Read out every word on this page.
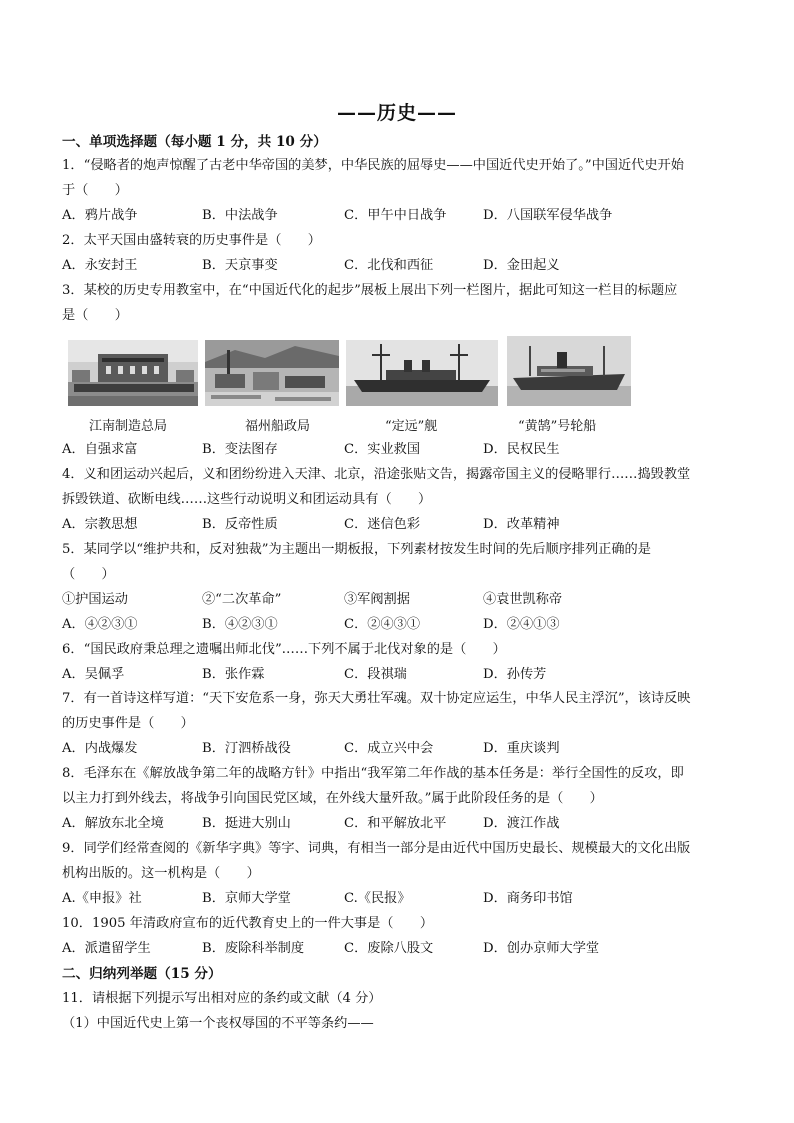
——历史——
一、单项选择题（每小题 1 分，共 10 分）
1．“侵略者的炮声惊醒了古老中华帝国的美梦，中华民族的屈辱史——中国近代史开始了。”中国近代史开始
于（　　）
A．鸦片战争	B．中法战争	C．甲午中日战争	D．八国联军侵华战争
2．太平天国由盛转衰的历史事件是（　　）
A．永安封王	B．天京事变	C．北伐和西征	D．金田起义
3．某校的历史专用教室中，在“中国近代化的起步”展板上展出下列一栏图片，据此可知这一栏目的标题应
是（　　）
江南制造总局	福州船政局	“定远”舰	“黄鹄”号轮船
A．自强求富	B．变法图存	C．实业救国	D．民权民生
4．义和团运动兴起后，义和团纷纷进入天津、北京，沿途张贴文告，揭露帝国主义的侵略罪行……捣毁教堂
拆毁铁道、砍断电线……这些行动说明义和团运动具有（　　）
A．宗教思想	B．反帝性质	C．迷信色彩	D．改革精神
5．某同学以“维护共和，反对独裁”为主题出一期板报，下列素材按发生时间的先后顺序排列正确的是
（　　）
①护国运动	②“二次革命”	③军阀割据	④袁世凯称帝
A．④②③①	B．④②③①	C．②④③①	D．②④①③
6．“国民政府秉总理之遗嘱出师北伐”……下列不属于北伐对象的是（　　）
A．吴佩孚	B．张作霖	C．段祺瑞	D．孙传芳
7．有一首诗这样写道：“天下安危系一身，弥天大勇壮军魂。双十协定应运生，中华人民主浮沉”，该诗反映
的历史事件是（　　）
A．内战爆发	B．汀泗桥战役	C．成立兴中会	D．重庆谈判
8．毛泽东在《解放战争第二年的战略方针》中指出“我军第二年作战的基本任务是：举行全国性的反攻，即
以主力打到外线去，将战争引向国民党区域，在外线大量歼敌。”属于此阶段任务的是（　　）
A．解放东北全境	B．挺进大别山	C．和平解放北平	D．渡江作战
9．同学们经常查阅的《新华字典》等字、词典，有相当一部分是由近代中国历史最长、规模最大的文化出版
机构出版的。这一机构是（　　）
A.《申报》社	B．京师大学堂	C.《民报》	D．商务印书馆
10．1905 年清政府宣布的近代教育史上的一件大事是（　　）
A．派遣留学生	B．废除科举制度	C．废除八股文	D．创办京师大学堂
二、归纳列举题（15 分）
11．请根据下列提示写出相对应的条约或文献（4 分）
（1）中国近代史上第一个丧权辱国的不平等条约——
